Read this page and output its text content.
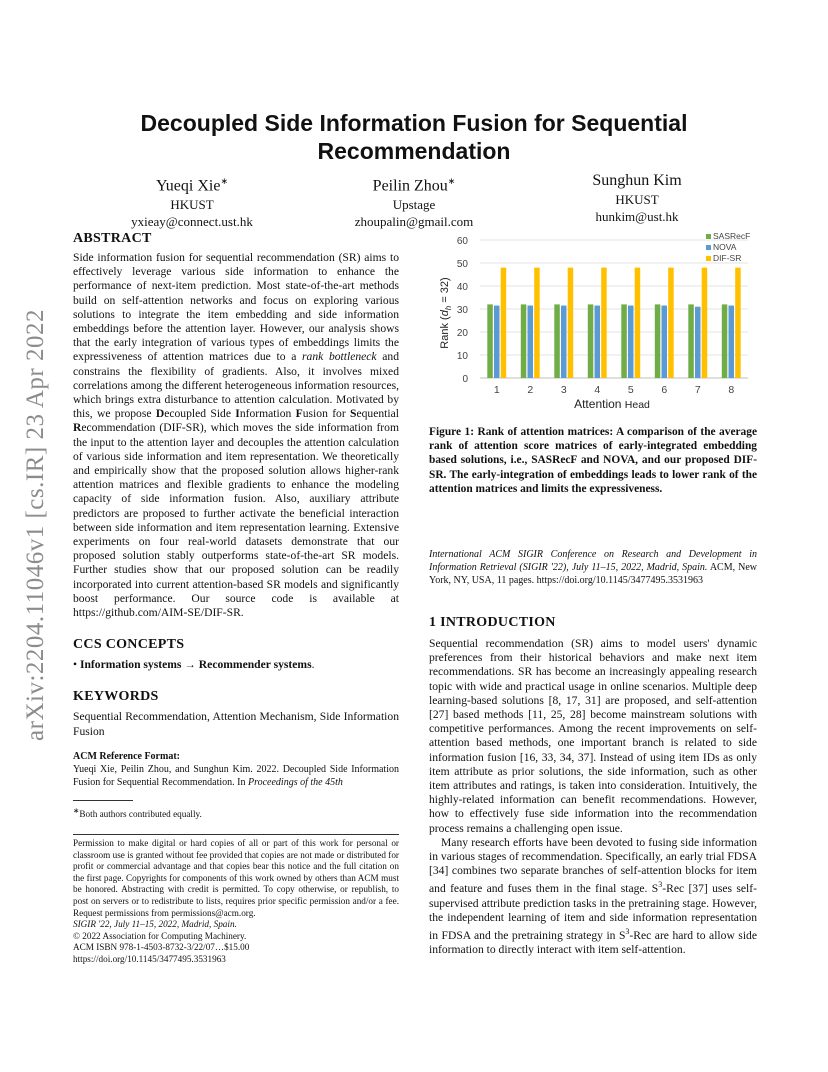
arXiv:2204.11046v1 [cs.IR] 23 Apr 2022
Decoupled Side Information Fusion for Sequential Recommendation
Yueqi Xie∗
HKUST
yxieay@connect.ust.hk
Peilin Zhou∗
Upstage
zhoupalin@gmail.com
Sunghun Kim
HKUST
hunkim@ust.hk
ABSTRACT

Side information fusion for sequential recommendation (SR) aims to effectively leverage various side information to enhance the performance of next-item prediction. Most state-of-the-art methods build on self-attention networks and focus on exploring various solutions to integrate the item embedding and side information embeddings before the attention layer. However, our analysis shows that the early integration of various types of embeddings limits the expressiveness of attention matrices due to a rank bottleneck and constrains the flexibility of gradients. Also, it involves mixed correlations among the different heterogeneous information resources, which brings extra disturbance to attention calculation. Motivated by this, we propose Decoupled Side Information Fusion for Sequential Recommendation (DIF-SR), which moves the side information from the input to the attention layer and decouples the attention calculation of various side information and item representation. We theoretically and empirically show that the proposed solution allows higher-rank attention matrices and flexible gradients to enhance the modeling capacity of side information fusion. Also, auxiliary attribute predictors are proposed to further activate the beneficial interaction between side information and item representation learning. Extensive experiments on four real-world datasets demonstrate that our proposed solution stably outperforms state-of-the-art SR models. Further studies show that our proposed solution can be readily incorporated into current attention-based SR models and significantly boost performance. Our source code is available at https://github.com/AIM-SE/DIF-SR.

CCS CONCEPTS

• Information systems → Recommender systems.

KEYWORDS

Sequential Recommendation, Attention Mechanism, Side Information Fusion

ACM Reference Format:

Yueqi Xie, Peilin Zhou, and Sunghun Kim. 2022. Decoupled Side Information Fusion for Sequential Recommendation. In Proceedings of the 45th

∗Both authors contributed equally.

Permission to make digital or hard copies of all or part of this work for personal or classroom use is granted without fee provided that copies are not made or distributed for profit or commercial advantage and that copies bear this notice and the full citation on the first page. Copyrights for components of this work owned by others than ACM must be honored. Abstracting with credit is permitted. To copy otherwise, or republish, to post on servers or to redistribute to lists, requires prior specific permission and/or a fee. Request permissions from permissions@acm.org.

SIGIR '22, July 11–15, 2022, Madrid, Spain.

© 2022 Association for Computing Machinery.

ACM ISBN 978-1-4503-8732-3/22/07…$15.00

https://doi.org/10.1145/3477495.3531963

0
10
20
30
40
50
60
1	2	3	4	5	6	7	8
SASRecF
NOVA
DIF-SR
Rank $(d_h = 32)$
Attention Head

Figure 1: Rank of attention matrices: A comparison of the average rank of attention score matrices of early-integrated embedding based solutions, i.e., SASRecF and NOVA, and our proposed DIF-SR. The early-integration of embeddings leads to lower rank of the attention matrices and limits the expressiveness.

International ACM SIGIR Conference on Research and Development in Information Retrieval (SIGIR '22), July 11–15, 2022, Madrid, Spain. ACM, New York, NY, USA, 11 pages. https://doi.org/10.1145/3477495.3531963

1 INTRODUCTION

Sequential recommendation (SR) aims to model users' dynamic preferences from their historical behaviors and make next item recommendations. SR has become an increasingly appealing research topic with wide and practical usage in online scenarios. Multiple deep learning-based solutions [8, 17, 31] are proposed, and self-attention [27] based methods [11, 25, 28] become mainstream solutions with competitive performances. Among the recent improvements on self-attention based methods, one important branch is related to side information fusion [16, 33, 34, 37]. Instead of using item IDs as only item attribute as prior solutions, the side information, such as other item attributes and ratings, is taken into consideration. Intuitively, the highly-related information can benefit recommendations. However, how to effectively fuse side information into the recommendation process remains a challenging open issue.

Many research efforts have been devoted to fusing side information in various stages of recommendation. Specifically, an early trial FDSA [34] combines two separate branches of self-attention blocks for item and feature and fuses them in the final stage. $S^3$-Rec [37] uses self-supervised attribute prediction tasks in the pretraining stage. However, the independent learning of item and side information representation in FDSA and the pretraining strategy in $S^3$-Rec are hard to allow side information to directly interact with item self-attention.
